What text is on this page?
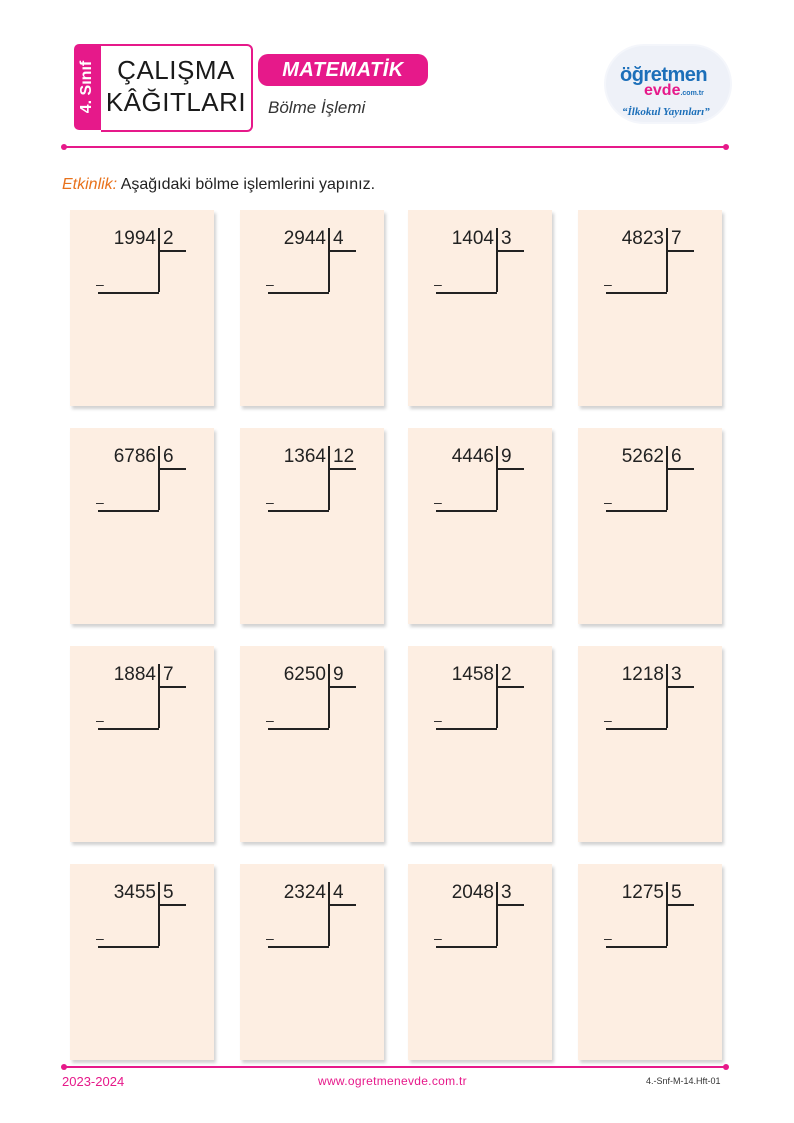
4. Sınıf ÇALIŞMA
KÂĞITLARI
MATEMATİK
Bölme İşlemi
öğretmen
evde.com.tr
“İlkokul Yayınları”
Etkinlik: Aşağıdaki bölme işlemlerini yapınız.
1994 2
–
2944 4
–
1404 3
–
4823 7
–
6786 6
–
1364 12
–
4446 9
–
5262 6
–
1884 7
–
6250 9
–
1458 2
–
1218 3
–
3455 5
–
2324 4
–
2048 3
–
1275 5
–
2023-2024	www.ogretmenevde.com.tr	4.-Snf-M-14.Hft-01
